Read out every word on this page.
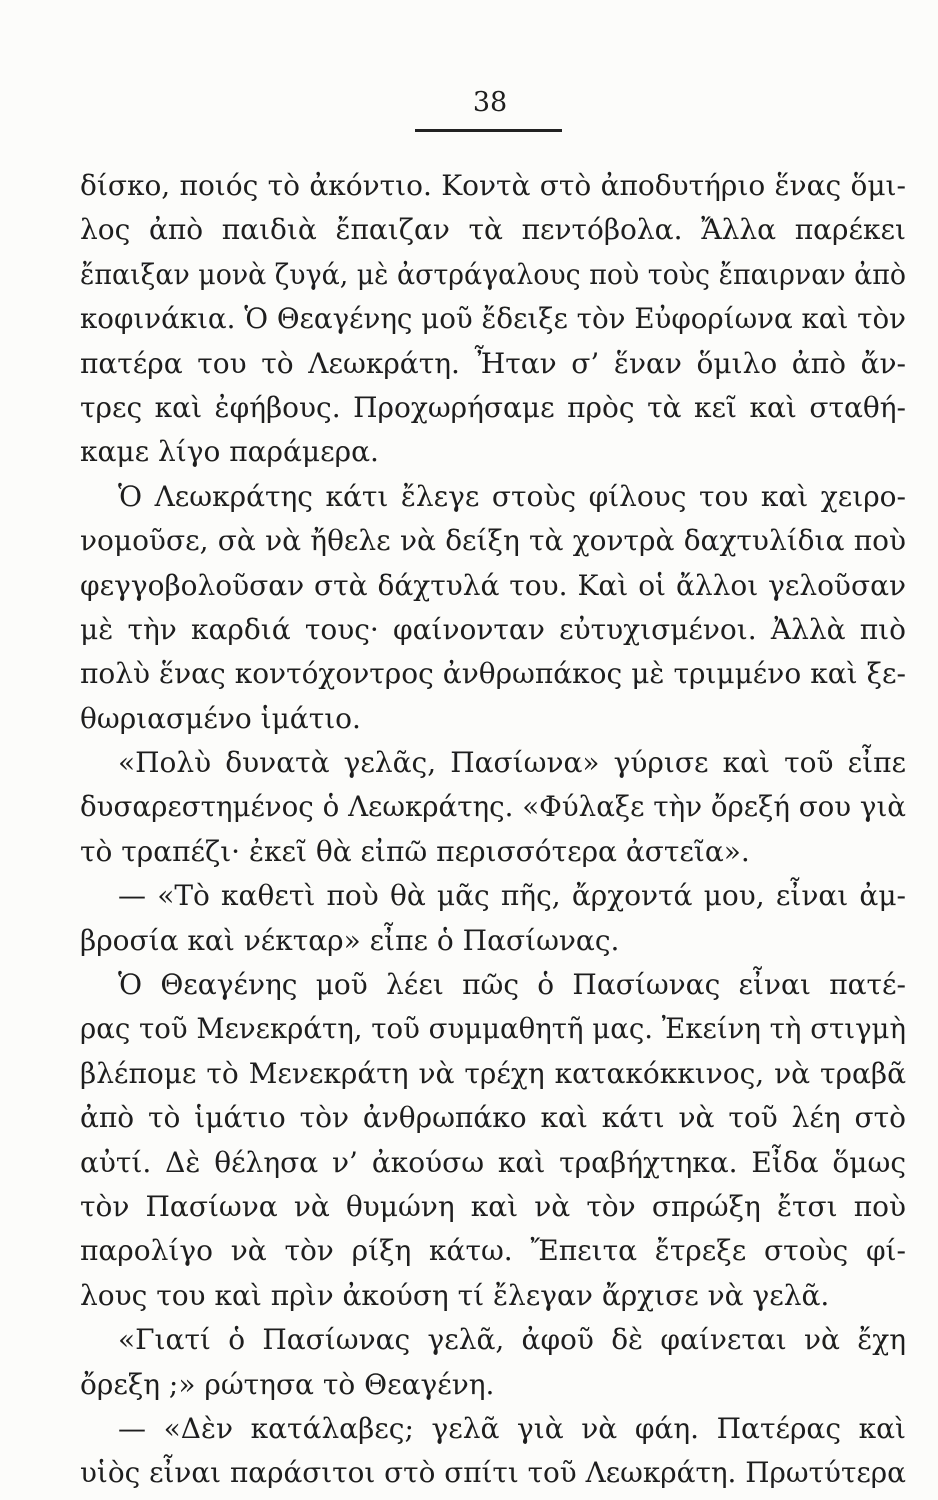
38
δίσκο, ποιός τὸ ἀκόντιο. Κοντὰ στὸ ἀποδυτήριο ἕνας ὅμι-
λος ἀπὸ παιδιὰ ἔπαιζαν τὰ πεντόβολα. Ἄλλα παρέκει
ἔπαιξαν μονὰ ζυγά, μὲ ἀστράγαλους ποὺ τοὺς ἔπαιρναν ἀπὸ
κοφινάκια. Ὁ Θεαγένης μοῦ ἔδειξε τὸν Εὐφορίωνα καὶ τὸν
πατέρα του τὸ Λεωκράτη. Ἦταν σ’ ἕναν ὅμιλο ἀπὸ ἄν-
τρες καὶ ἐφήβους. Προχωρήσαμε πρὸς τὰ κεῖ καὶ σταθή-
καμε λίγο παράμερα.
Ὁ Λεωκράτης κάτι ἔλεγε στοὺς φίλους του καὶ χειρο-
νομοῦσε, σὰ νὰ ἤθελε νὰ δείξη τὰ χοντρὰ δαχτυλίδια ποὺ
φεγγοβολοῦσαν στὰ δάχτυλά του. Καὶ οἱ ἄλλοι γελοῦσαν
μὲ τὴν καρδιά τους· φαίνονταν εὐτυχισμένοι. Ἀλλὰ πιὸ
πολὺ ἕνας κοντόχοντρος ἀνθρωπάκος μὲ τριμμένο καὶ ξε-
θωριασμένο ἱμάτιο.
«Πολὺ δυνατὰ γελᾶς, Πασίωνα» γύρισε καὶ τοῦ εἶπε
δυσαρεστημένος ὁ Λεωκράτης. «Φύλαξε τὴν ὄρεξή σου γιὰ
τὸ τραπέζι· ἐκεῖ θὰ εἰπῶ περισσότερα ἀστεῖα».
— «Τὸ καθετὶ ποὺ θὰ μᾶς πῆς, ἄρχοντά μου, εἶναι ἀμ-
βροσία καὶ νέκταρ» εἶπε ὁ Πασίωνας.
Ὁ Θεαγένης μοῦ λέει πῶς ὁ Πασίωνας εἶναι πατέ-
ρας τοῦ Μενεκράτη, τοῦ συμμαθητῆ μας. Ἐκείνη τὴ στιγμὴ
βλέπομε τὸ Μενεκράτη νὰ τρέχη κατακόκκινος, νὰ τραβᾶ
ἀπὸ τὸ ἱμάτιο τὸν ἀνθρωπάκο καὶ κάτι νὰ τοῦ λέη στὸ
αὐτί. Δὲ θέλησα ν’ ἀκούσω καὶ τραβήχτηκα. Εἶδα ὅμως
τὸν Πασίωνα νὰ θυμώνη καὶ νὰ τὸν σπρώξη ἔτσι ποὺ
παρολίγο νὰ τὸν ρίξη κάτω. Ἔπειτα ἔτρεξε στοὺς φί-
λους του καὶ πρὶν ἀκούση τί ἔλεγαν ἄρχισε νὰ γελᾶ.
«Γιατί ὁ Πασίωνας γελᾶ, ἀφοῦ δὲ φαίνεται νὰ ἔχη
ὄρεξη ;» ρώτησα τὸ Θεαγένη.
— «Δὲν κατάλαβες; γελᾶ γιὰ νὰ φάη. Πατέρας καὶ
υἱὸς εἶναι παράσιτοι στὸ σπίτι τοῦ Λεωκράτη. Πρωτύτερα
